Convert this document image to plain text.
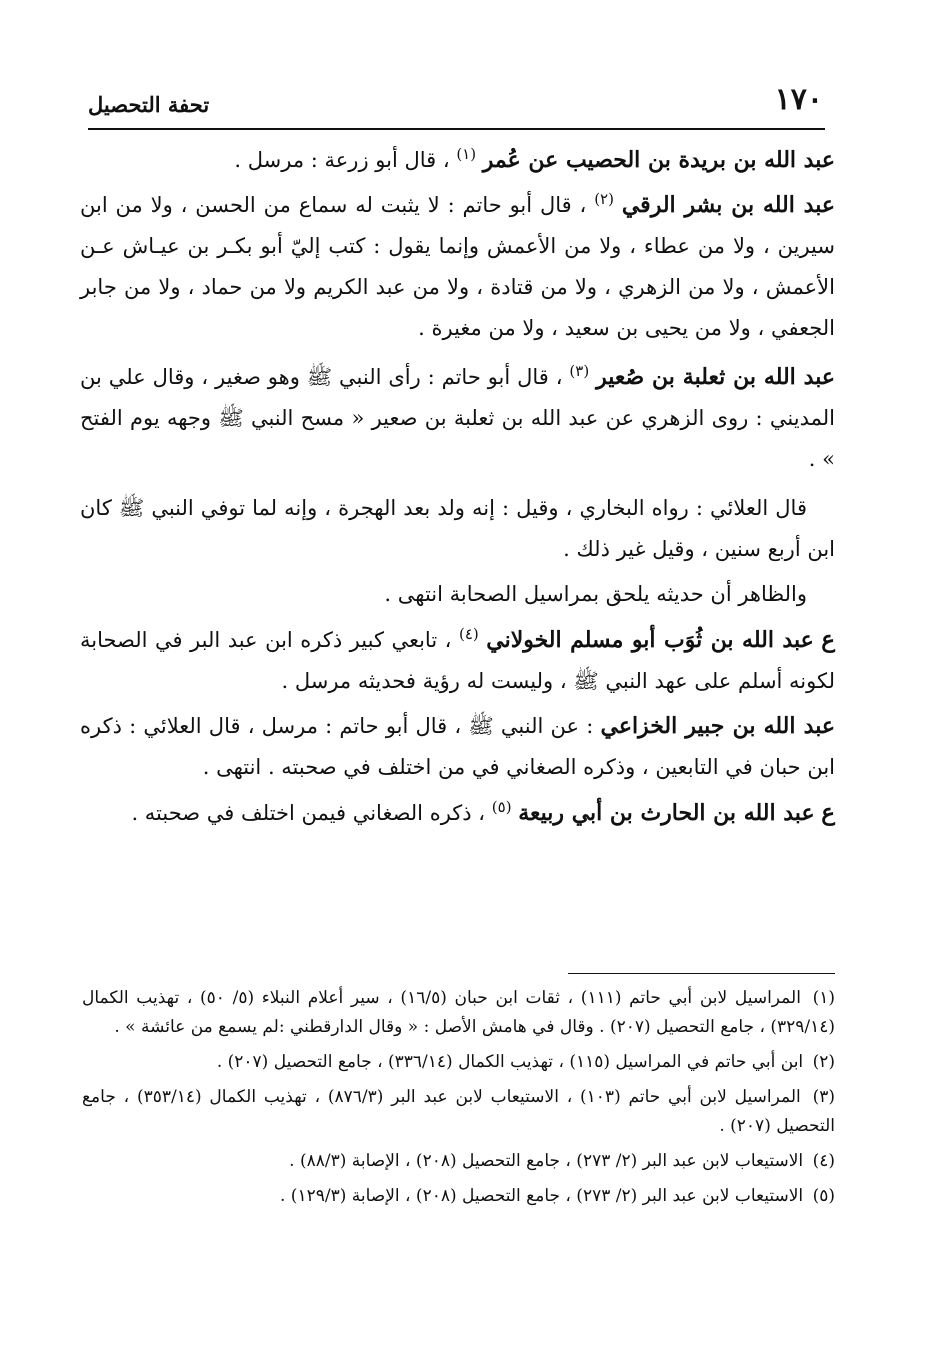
١٧٠
تحفة التحصيل

عبد الله بن بريدة بن الحصيب عن عُمر $^{(١)}$ ، قال أبو زرعة : مرسل .

عبد الله بن بشر الرقي $^{(٢)}$ ، قال أبو حاتم : لا يثبت له سماع من الحسن ، ولا من ابن سيرين ، ولا من عطاء ، ولا من الأعمش وإنما يقول : كتب إليّ أبو بكـر بن عيـاش عـن الأعمش ، ولا من الزهري ، ولا من قتادة ، ولا من عبد الكريم ولا من حماد ، ولا من جابر الجعفي ، ولا من يحيى بن سعيد ، ولا من مغيرة .

عبد الله بن ثعلبة بن صُعير $^{(٣)}$ ، قال أبو حاتم : رأى النبي ﷺ وهو صغير ، وقال علي بن المديني : روى الزهري عن عبد الله بن ثعلبة بن صعير « مسح النبي ﷺ وجهه يوم الفتح » .

قال العلائي : رواه البخاري ، وقيل : إنه ولد بعد الهجرة ، وإنه لما توفي النبي ﷺ كان ابن أربع سنين ، وقيل غير ذلك .

والظاهر أن حديثه يلحق بمراسيل الصحابة انتهى .

ع عبد الله بن ثُوَب أبو مسلم الخولاني $^{(٤)}$ ، تابعي كبير ذكره ابن عبد البر في الصحابة لكونه أسلم على عهد النبي ﷺ ، وليست له رؤية فحديثه مرسل .

عبد الله بن جبير الخزاعي : عن النبي ﷺ ، قال أبو حاتم : مرسل ، قال العلائي : ذكره ابن حبان في التابعين ، وذكره الصغاني في من اختلف في صحبته . انتهى .

ع عبد الله بن الحارث بن أبي ربيعة $^{(٥)}$ ، ذكره الصغاني فيمن اختلف في صحبته .

(١) المراسيل لابن أبي حاتم (١١١) ، ثقات ابن حبان (١٦/٥) ، سير أعلام النبلاء (٥/ ٥٠) ، تهذيب الكمال (٣٢٩/١٤) ، جامع التحصيل (٢٠٧) . وقال في هامش الأصل : « وقال الدارقطني :لم يسمع من عائشة » .

(٢) ابن أبي حاتم في المراسيل (١١٥) ، تهذيب الكمال (٣٣٦/١٤) ، جامع التحصيل (٢٠٧) .

(٣) المراسيل لابن أبي حاتم (١٠٣) ، الاستيعاب لابن عبد البر (٨٧٦/٣) ، تهذيب الكمال (٣٥٣/١٤) ، جامع التحصيل (٢٠٧) .

(٤) الاستيعاب لابن عبد البر (٢/ ٢٧٣) ، جامع التحصيل (٢٠٨) ، الإصابة (٨٨/٣) .

(٥) الاستيعاب لابن عبد البر (٢/ ٢٧٣) ، جامع التحصيل (٢٠٨) ، الإصابة (١٢٩/٣) .
